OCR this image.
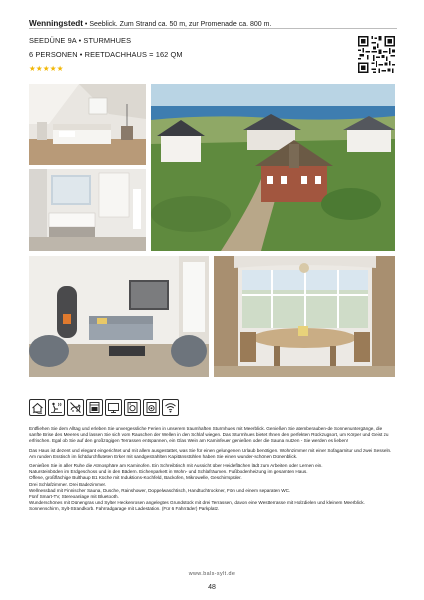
Wenningstedt • Seeblick. Zum Strand ca. 50 m, zur Promenade ca. 800 m.
SEEDÜNE 9A • STURMHUES
6 PERSONEN • REETDACHHAUS = 162 QM
★★★★★

Entfliehen Sie dem Alltag und erleben Sie unvergessliche Ferien in unserem traumhaften Sturmhues mit Meerblick. Genießen Sie atemberauben-de Sonnenuntergänge, die sanfte Brise des Meeres und lassen Sie sich vom Rauschen der Wellen in den Schlaf wiegen. Das Sturmhues bietet Ihnen den perfekten Rückzugsort, um Körper und Geist zu erfrischen. Egal ob Sie auf den großzügigen Terrassen entspannen, ein Glas Wein am Kaminfeuer genießen oder die Sauna nutzen - Sie werden es lieben!

Das Haus ist dezent und elegant eingerichtet und mit allem ausgestattet, was Sie für einen gelungenen Urlaub benötigen. Wohnzimmer mit einer Sofagarnitur und zwei Sesseln. Am runden Esstisch im lichtdurchfluteten Erker mit sandgestrahlten Kapitänsstühlen haben Sie einen wunder-schönen Dünenblick.

Genießen Sie in aller Ruhe die Atmosphäre am Kaminofen. Ein Schreibtisch mit Aussicht über Heideflächen lädt zum Arbeiten oder Lernen ein.
Natursteinböden im Erdgeschoss und in den Bädern. Eichenparkett in Wohn- und Schlafräumen. Fußbodenheizung im gesamten Haus.
Offene, großflächige Bulthaup B1 Küche mit Induktions-Kochfeld, Backofen, Mikrowelle, Geschirrspüler.
Drei Schlafzimmer. Drei Badezimmer.
Wellnessbad mit Finnischer Sauna, Dusche, Rainshower, Doppelwaschtisch, Handtuchtrockner, Fön und einem separaten WC.
Fünf Smart-TV, Stereoanlage mit Bluetooth.
Wunderschönes mit Dünengras und Sylter Heckenrosen angelegtes Grundstück mit drei Terrassen, davon eine Westterrasse mit Holzdielen und kleinem Meerblick. Sonnenschirm, Sylt-Strandkorb. Fahrradgarage mit Ladestation. (Für 6 Fahrräder) Parkplatz.
www.bals-sylt.de
48
